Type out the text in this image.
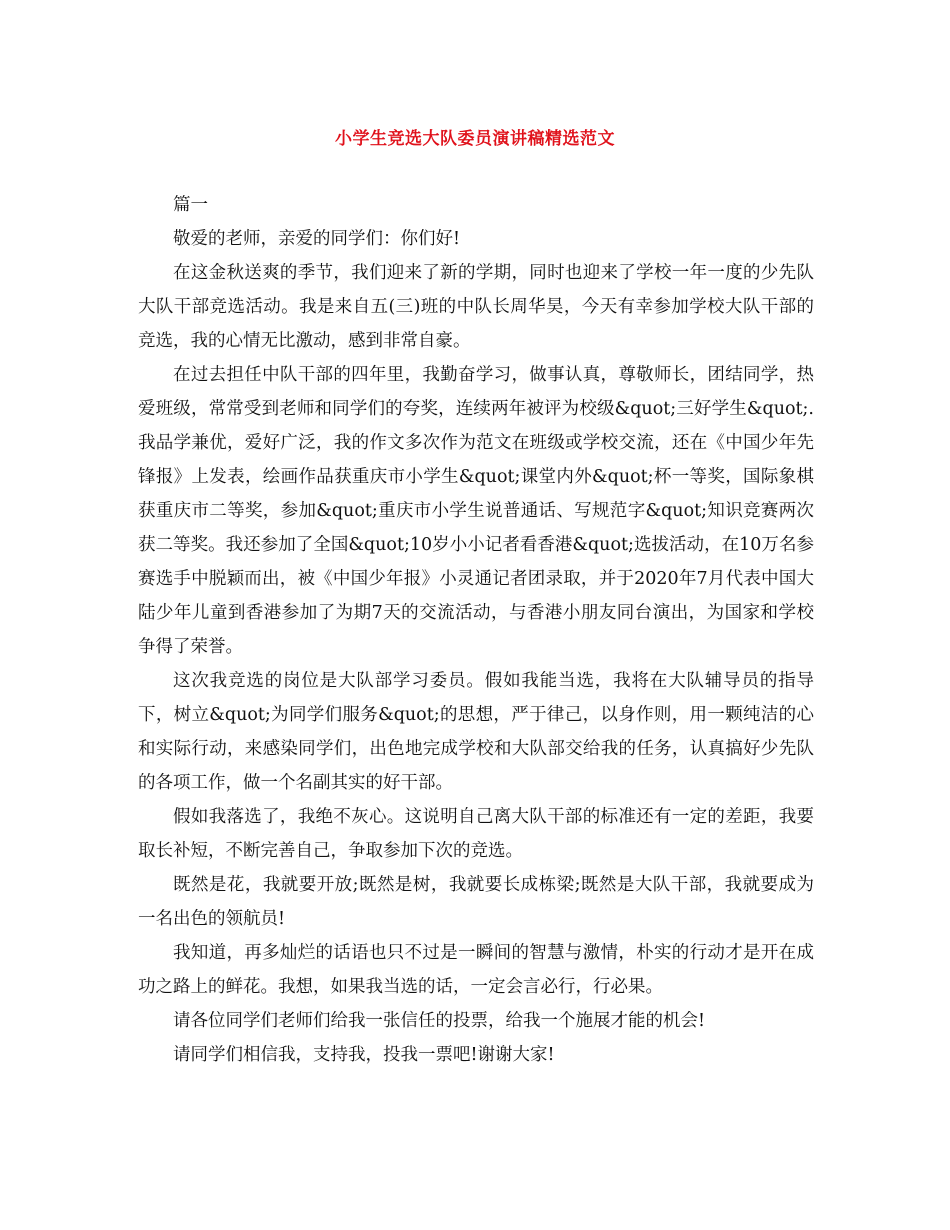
小学生竞选大队委员演讲稿精选范文

篇一

敬爱的老师，亲爱的同学们：你们好!

在这金秋送爽的季节，我们迎来了新的学期，同时也迎来了学校一年一度的少先队大队干部竞选活动。我是来自五(三)班的中队长周华昊，今天有幸参加学校大队干部的竞选，我的心情无比激动，感到非常自豪。

在过去担任中队干部的四年里，我勤奋学习，做事认真，尊敬师长，团结同学，热爱班级，常常受到老师和同学们的夸奖，连续两年被评为校级&quot;三好学生&quot;.我品学兼优，爱好广泛，我的作文多次作为范文在班级或学校交流，还在《中国少年先锋报》上发表，绘画作品获重庆市小学生&quot;课堂内外&quot;杯一等奖，国际象棋获重庆市二等奖，参加&quot;重庆市小学生说普通话、写规范字&quot;知识竞赛两次获二等奖。我还参加了全国&quot;10岁小小记者看香港&quot;选拔活动，在10万名参赛选手中脱颖而出，被《中国少年报》小灵通记者团录取，并于2020年7月代表中国大陆少年儿童到香港参加了为期7天的交流活动，与香港小朋友同台演出，为国家和学校争得了荣誉。

这次我竞选的岗位是大队部学习委员。假如我能当选，我将在大队辅导员的指导下，树立&quot;为同学们服务&quot;的思想，严于律己，以身作则，用一颗纯洁的心和实际行动，来感染同学们，出色地完成学校和大队部交给我的任务，认真搞好少先队的各项工作，做一个名副其实的好干部。

假如我落选了，我绝不灰心。这说明自己离大队干部的标准还有一定的差距，我要取长补短，不断完善自己，争取参加下次的竞选。

既然是花，我就要开放;既然是树，我就要长成栋梁;既然是大队干部，我就要成为一名出色的领航员!

我知道，再多灿烂的话语也只不过是一瞬间的智慧与激情，朴实的行动才是开在成功之路上的鲜花。我想，如果我当选的话，一定会言必行，行必果。

请各位同学们老师们给我一张信任的投票，给我一个施展才能的机会!

请同学们相信我，支持我，投我一票吧!谢谢大家!
